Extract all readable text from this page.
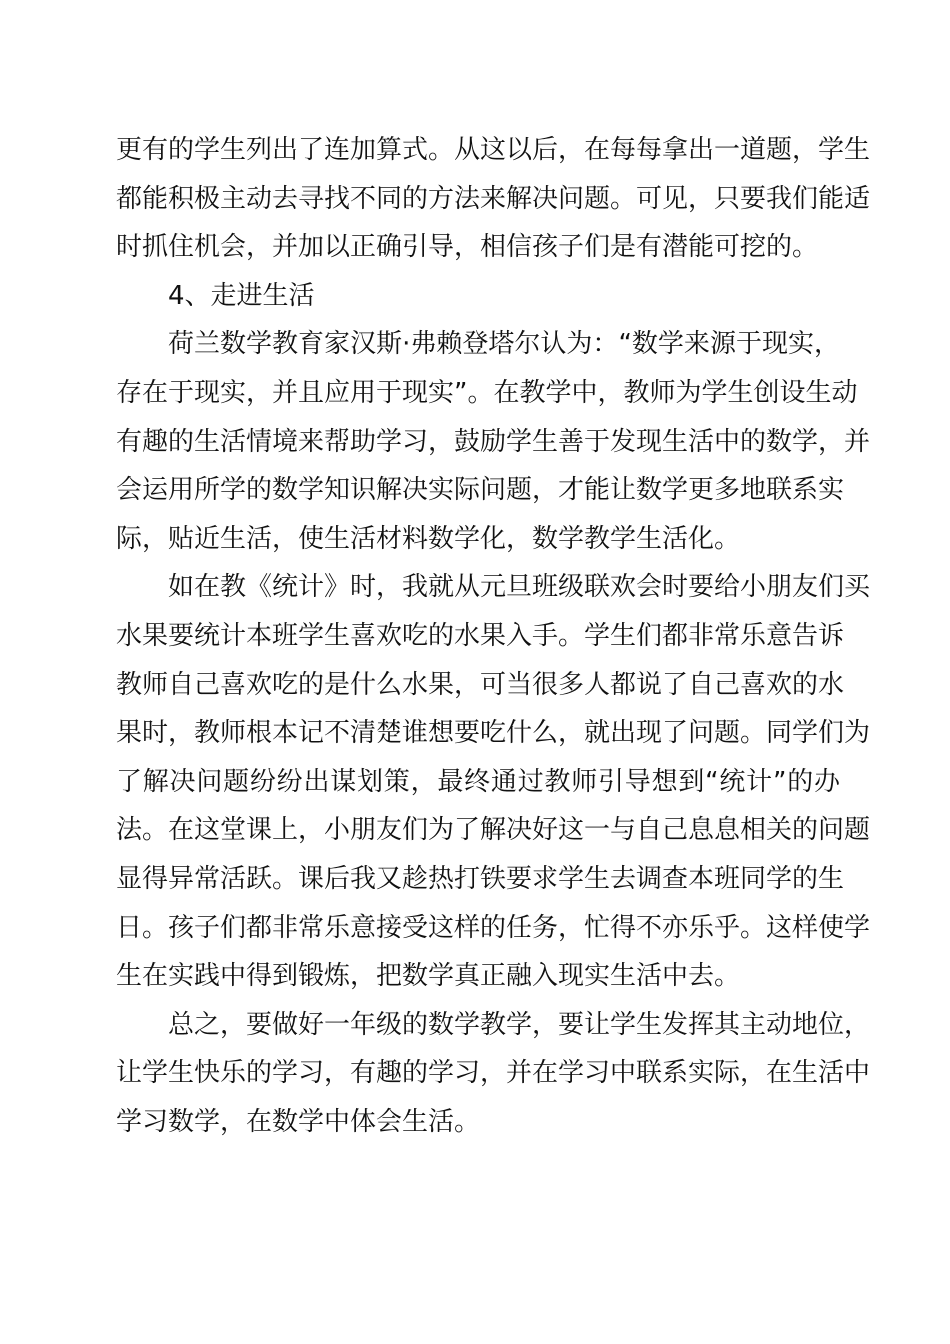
更有的学生列出了连加算式。从这以后，在每每拿出一道题，学生
都能积极主动去寻找不同的方法来解决问题。可见，只要我们能适
时抓住机会，并加以正确引导，相信孩子们是有潜能可挖的。
4、走进生活
荷兰数学教育家汉斯·弗赖登塔尔认为：“数学来源于现实，
存在于现实，并且应用于现实”。在教学中，教师为学生创设生动
有趣的生活情境来帮助学习，鼓励学生善于发现生活中的数学，并
会运用所学的数学知识解决实际问题，才能让数学更多地联系实
际，贴近生活，使生活材料数学化，数学教学生活化。
如在教《统计》时，我就从元旦班级联欢会时要给小朋友们买
水果要统计本班学生喜欢吃的水果入手。学生们都非常乐意告诉
教师自己喜欢吃的是什么水果，可当很多人都说了自己喜欢的水
果时，教师根本记不清楚谁想要吃什么，就出现了问题。同学们为
了解决问题纷纷出谋划策，最终通过教师引导想到“统计”的办
法。在这堂课上，小朋友们为了解决好这一与自己息息相关的问题
显得异常活跃。课后我又趁热打铁要求学生去调查本班同学的生
日。孩子们都非常乐意接受这样的任务，忙得不亦乐乎。这样使学
生在实践中得到锻炼，把数学真正融入现实生活中去。
总之，要做好一年级的数学教学，要让学生发挥其主动地位，
让学生快乐的学习，有趣的学习，并在学习中联系实际，在生活中
学习数学，在数学中体会生活。
